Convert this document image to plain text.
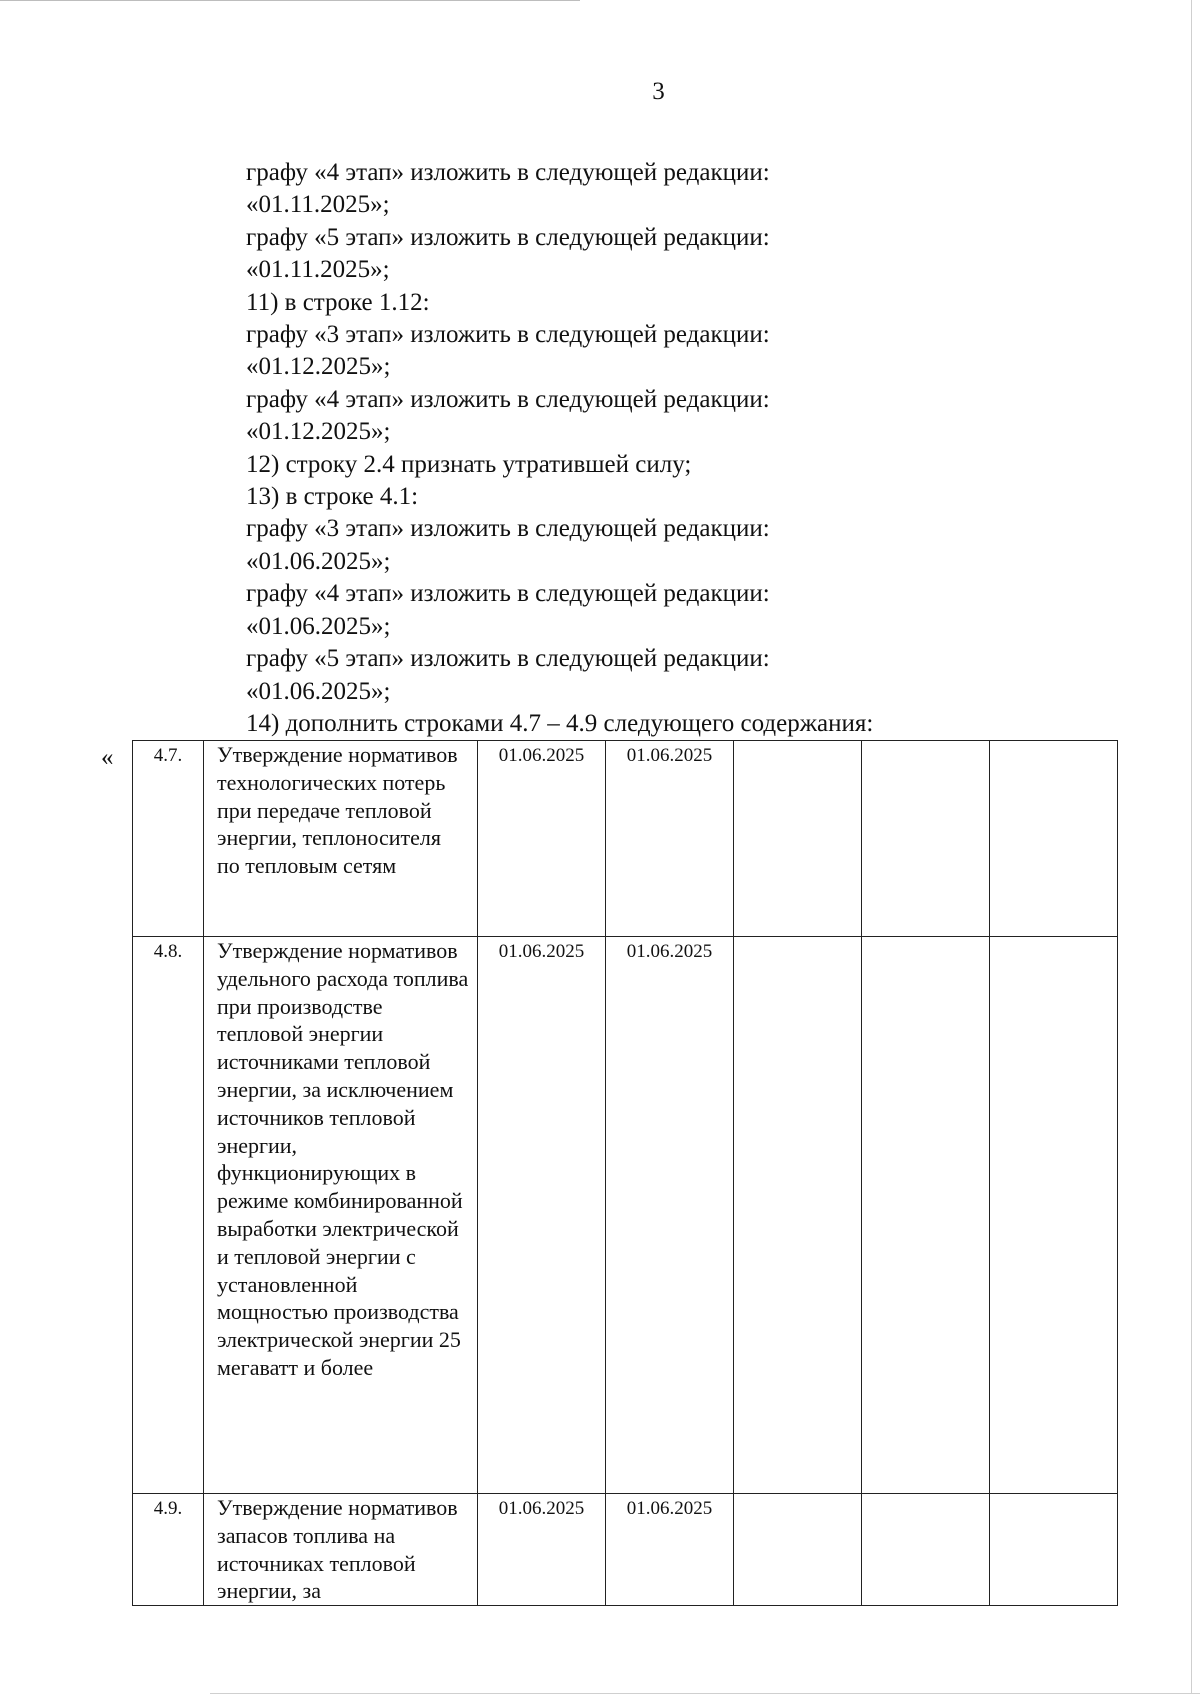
3
графу «4 этап» изложить в следующей редакции:
«01.11.2025»;
графу «5 этап» изложить в следующей редакции:
«01.11.2025»;
11) в строке 1.12:
графу «3 этап» изложить в следующей редакции:
«01.12.2025»;
графу «4 этап» изложить в следующей редакции:
«01.12.2025»;
12) строку 2.4 признать утратившей силу;
13) в строке 4.1:
графу «3 этап» изложить в следующей редакции:
«01.06.2025»;
графу «4 этап» изложить в следующей редакции:
«01.06.2025»;
графу «5 этап» изложить в следующей редакции:
«01.06.2025»;
14) дополнить строками 4.7 – 4.9 следующего содержания:
« 4.7.	Утверждение нормативов технологических потерь при передаче тепловой энергии, теплоносителя по тепловым сетям	01.06.2025	01.06.2025			
4.8.	Утверждение нормативов удельного расхода топлива при производстве тепловой энергии источниками тепловой энергии, за исключением источников тепловой энергии, функционирующих в режиме комбинированной выработки электрической и тепловой энергии с установленной мощностью производства электрической энергии 25 мегаватт и более	01.06.2025	01.06.2025			
4.9.	Утверждение нормативов запасов топлива на источниках тепловой энергии, за	01.06.2025	01.06.2025			
